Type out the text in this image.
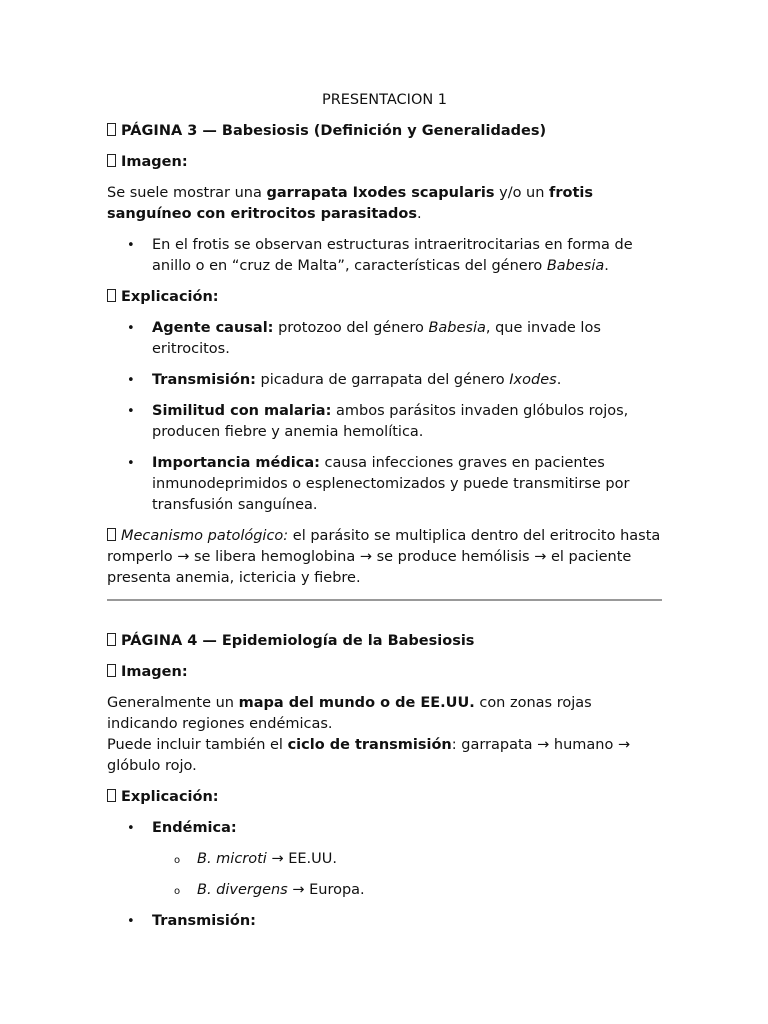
PRESENTACION 1

PÁGINA 3 — Babesiosis (Definición y Generalidades)

Imagen:

Se suele mostrar una garrapata Ixodes scapularis y/o un frotis sanguíneo con eritrocitos parasitados.

• En el frotis se observan estructuras intraeritrocitarias en forma de anillo o en “cruz de Malta”, características del género Babesia.

Explicación:

• Agente causal: protozoo del género Babesia, que invade los eritrocitos.
• Transmisión: picadura de garrapata del género Ixodes.
• Similitud con malaria: ambos parásitos invaden glóbulos rojos, producen fiebre y anemia hemolítica.
• Importancia médica: causa infecciones graves en pacientes inmunodeprimidos o esplenectomizados y puede transmitirse por transfusión sanguínea.

Mecanismo patológico: el parásito se multiplica dentro del eritrocito hasta romperlo → se libera hemoglobina → se produce hemólisis → el paciente presenta anemia, ictericia y fiebre.

PÁGINA 4 — Epidemiología de la Babesiosis

Imagen:

Generalmente un mapa del mundo o de EE.UU. con zonas rojas indicando regiones endémicas.
Puede incluir también el ciclo de transmisión: garrapata → humano → glóbulo rojo.

Explicación:

• Endémica:
o B. microti → EE.UU.
o B. divergens → Europa.
• Transmisión:
